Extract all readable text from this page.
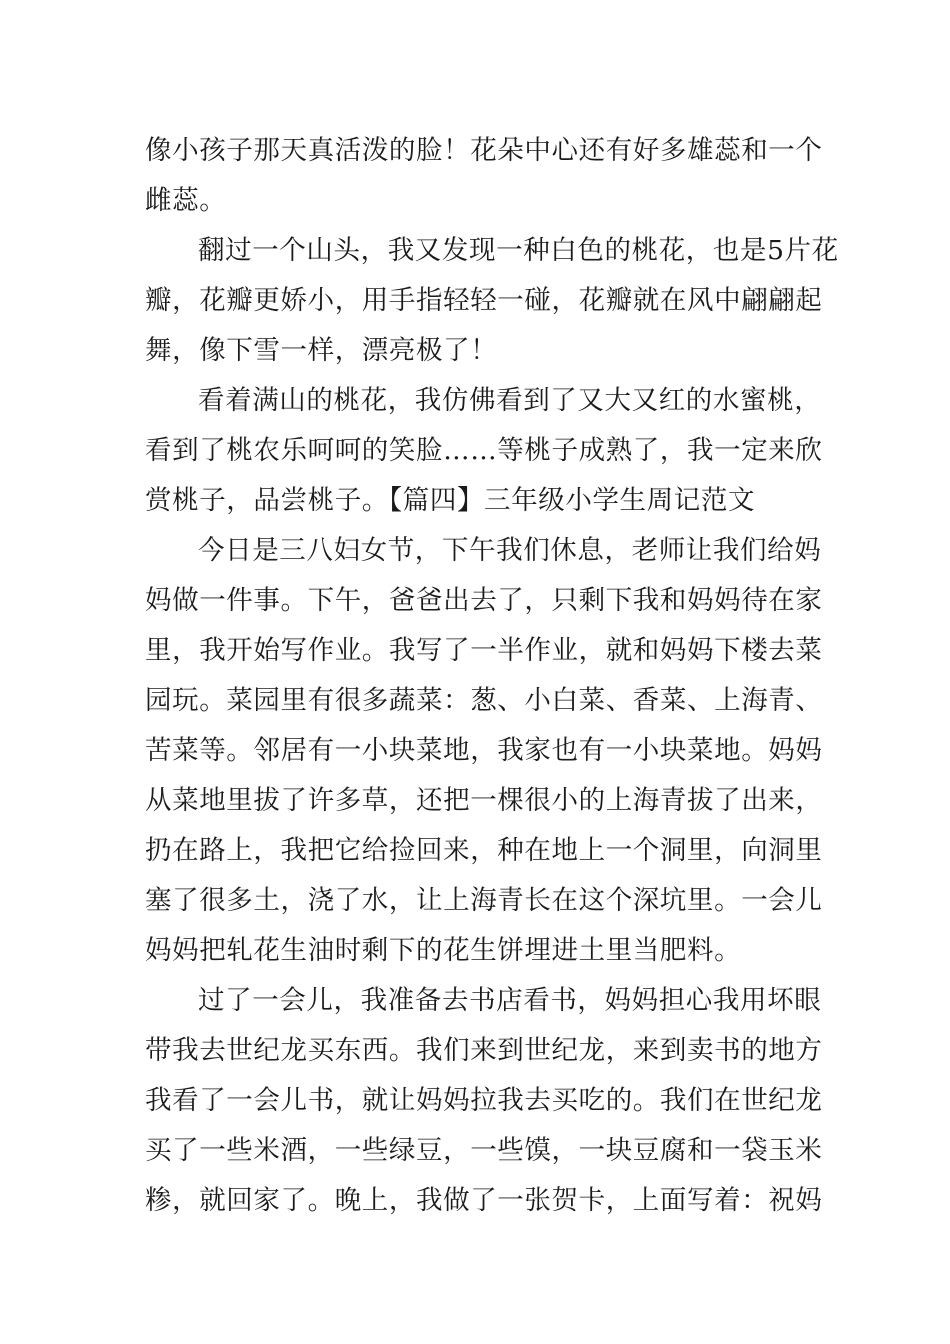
像小孩子那天真活泼的脸！花朵中心还有好多雄蕊和一个
雌蕊。
翻过一个山头，我又发现一种白色的桃花，也是5片花
瓣，花瓣更娇小，用手指轻轻一碰，花瓣就在风中翩翩起
舞，像下雪一样，漂亮极了！
看着满山的桃花，我仿佛看到了又大又红的水蜜桃，
看到了桃农乐呵呵的笑脸……等桃子成熟了，我一定来欣
赏桃子，品尝桃子。【篇四】三年级小学生周记范文
今日是三八妇女节，下午我们休息，老师让我们给妈
妈做一件事。下午，爸爸出去了，只剩下我和妈妈待在家
里，我开始写作业。我写了一半作业，就和妈妈下楼去菜
园玩。菜园里有很多蔬菜：葱、小白菜、香菜、上海青、
苦菜等。邻居有一小块菜地，我家也有一小块菜地。妈妈
从菜地里拔了许多草，还把一棵很小的上海青拔了出来，
扔在路上，我把它给捡回来，种在地上一个洞里，向洞里
塞了很多土，浇了水，让上海青长在这个深坑里。一会儿
妈妈把轧花生油时剩下的花生饼埋进土里当肥料。
过了一会儿，我准备去书店看书，妈妈担心我用坏眼
带我去世纪龙买东西。我们来到世纪龙，来到卖书的地方
我看了一会儿书，就让妈妈拉我去买吃的。我们在世纪龙
买了一些米酒，一些绿豆，一些馍，一块豆腐和一袋玉米
糁，就回家了。晚上，我做了一张贺卡，上面写着：祝妈
